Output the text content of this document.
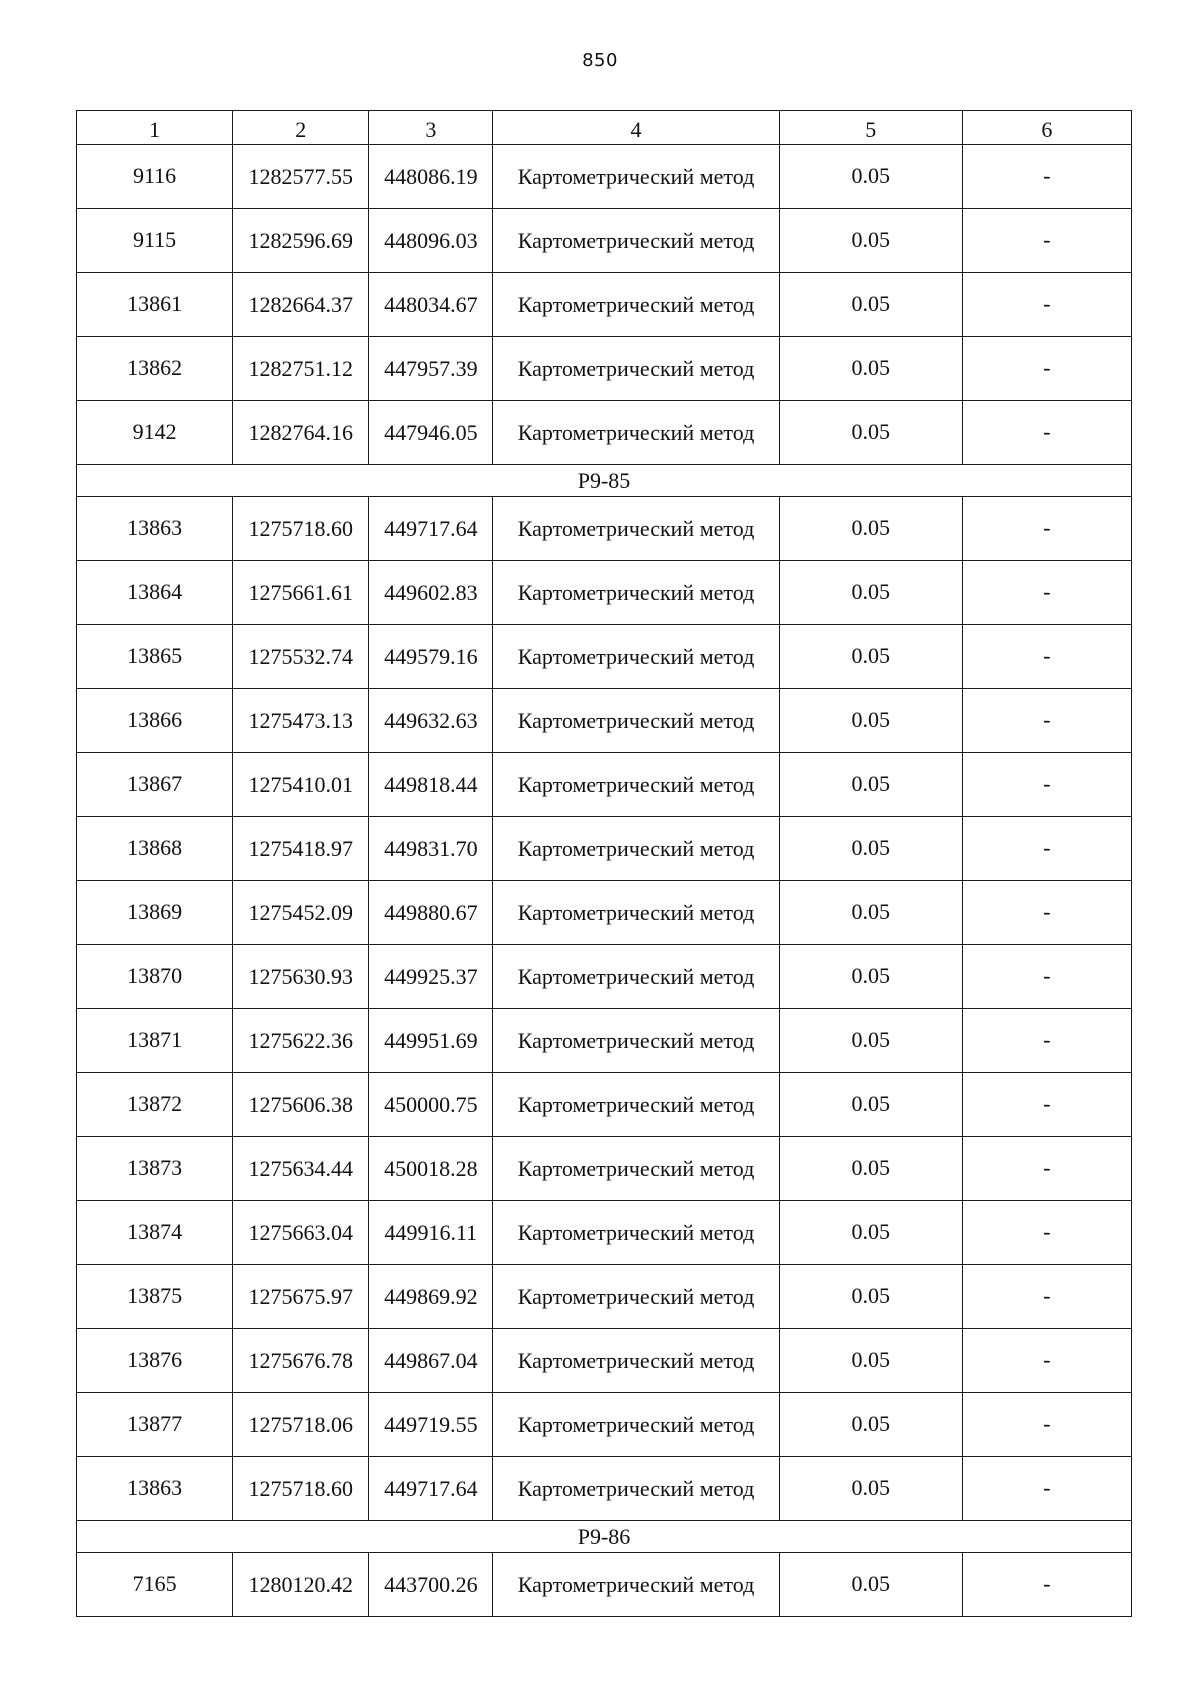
850
1	2	3	4	5	6
9116	1282577.55	448086.19	Картометрический метод	0.05	-
9115	1282596.69	448096.03	Картометрический метод	0.05	-
13861	1282664.37	448034.67	Картометрический метод	0.05	-
13862	1282751.12	447957.39	Картометрический метод	0.05	-
9142	1282764.16	447946.05	Картометрический метод	0.05	-
Р9-85					
13863	1275718.60	449717.64	Картометрический метод	0.05	-
13864	1275661.61	449602.83	Картометрический метод	0.05	-
13865	1275532.74	449579.16	Картометрический метод	0.05	-
13866	1275473.13	449632.63	Картометрический метод	0.05	-
13867	1275410.01	449818.44	Картометрический метод	0.05	-
13868	1275418.97	449831.70	Картометрический метод	0.05	-
13869	1275452.09	449880.67	Картометрический метод	0.05	-
13870	1275630.93	449925.37	Картометрический метод	0.05	-
13871	1275622.36	449951.69	Картометрический метод	0.05	-
13872	1275606.38	450000.75	Картометрический метод	0.05	-
13873	1275634.44	450018.28	Картометрический метод	0.05	-
13874	1275663.04	449916.11	Картометрический метод	0.05	-
13875	1275675.97	449869.92	Картометрический метод	0.05	-
13876	1275676.78	449867.04	Картометрический метод	0.05	-
13877	1275718.06	449719.55	Картометрический метод	0.05	-
13863	1275718.60	449717.64	Картометрический метод	0.05	-
Р9-86					
7165	1280120.42	443700.26	Картометрический метод	0.05	-
